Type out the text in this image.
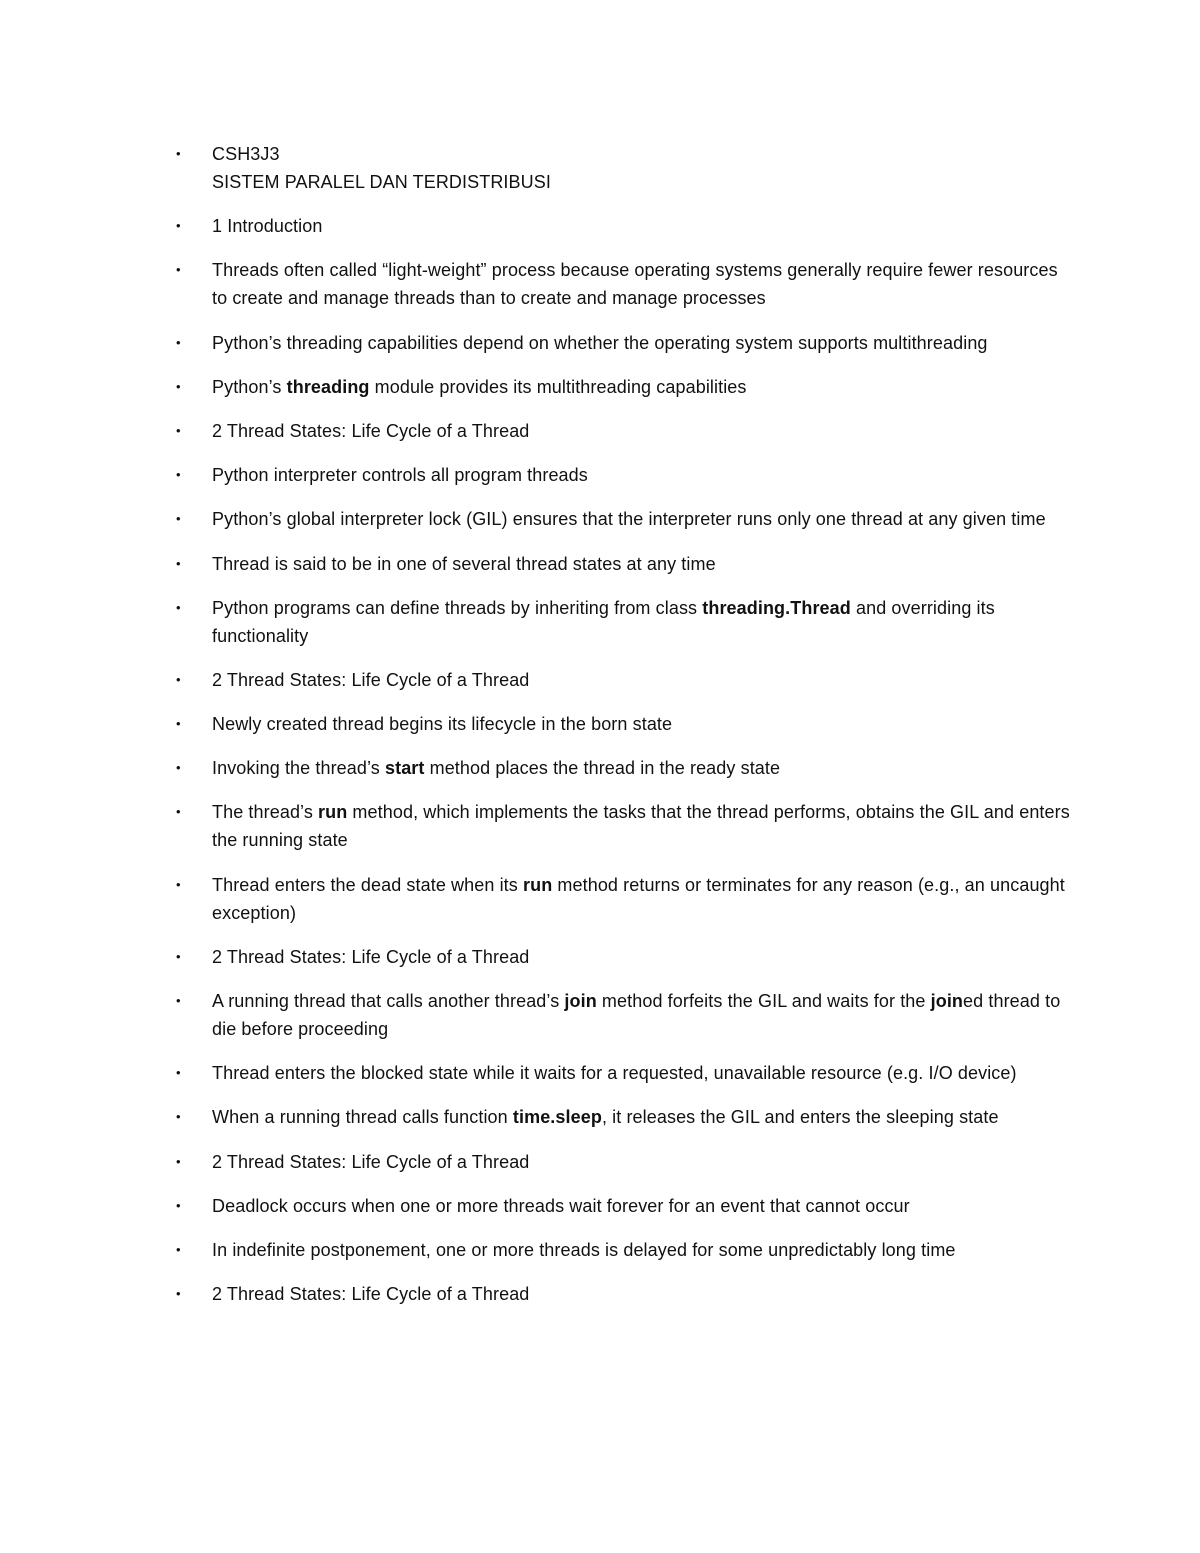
• CSH3J3
SISTEM PARALEL DAN TERDISTRIBUSI
• 1 Introduction
• Threads often called “light-weight” process because operating systems generally require fewer resources to create and manage threads than to create and manage processes
• Python’s threading capabilities depend on whether the operating system supports multithreading
• Python’s threading module provides its multithreading capabilities
• 2 Thread States: Life Cycle of a Thread
• Python interpreter controls all program threads
• Python’s global interpreter lock (GIL) ensures that the interpreter runs only one thread at any given time
• Thread is said to be in one of several thread states at any time
• Python programs can define threads by inheriting from class threading.Thread and overriding its functionality
• 2 Thread States: Life Cycle of a Thread
• Newly created thread begins its lifecycle in the born state
• Invoking the thread’s start method places the thread in the ready state
• The thread’s run method, which implements the tasks that the thread performs, obtains the GIL and enters the running state
• Thread enters the dead state when its run method returns or terminates for any reason (e.g., an uncaught exception)
• 2 Thread States: Life Cycle of a Thread
• A running thread that calls another thread’s join method forfeits the GIL and waits for the joined thread to die before proceeding
• Thread enters the blocked state while it waits for a requested, unavailable resource (e.g. I/O device)
• When a running thread calls function time.sleep, it releases the GIL and enters the sleeping state
• 2 Thread States: Life Cycle of a Thread
• Deadlock occurs when one or more threads wait forever for an event that cannot occur
• In indefinite postponement, one or more threads is delayed for some unpredictably long time
• 2 Thread States: Life Cycle of a Thread
